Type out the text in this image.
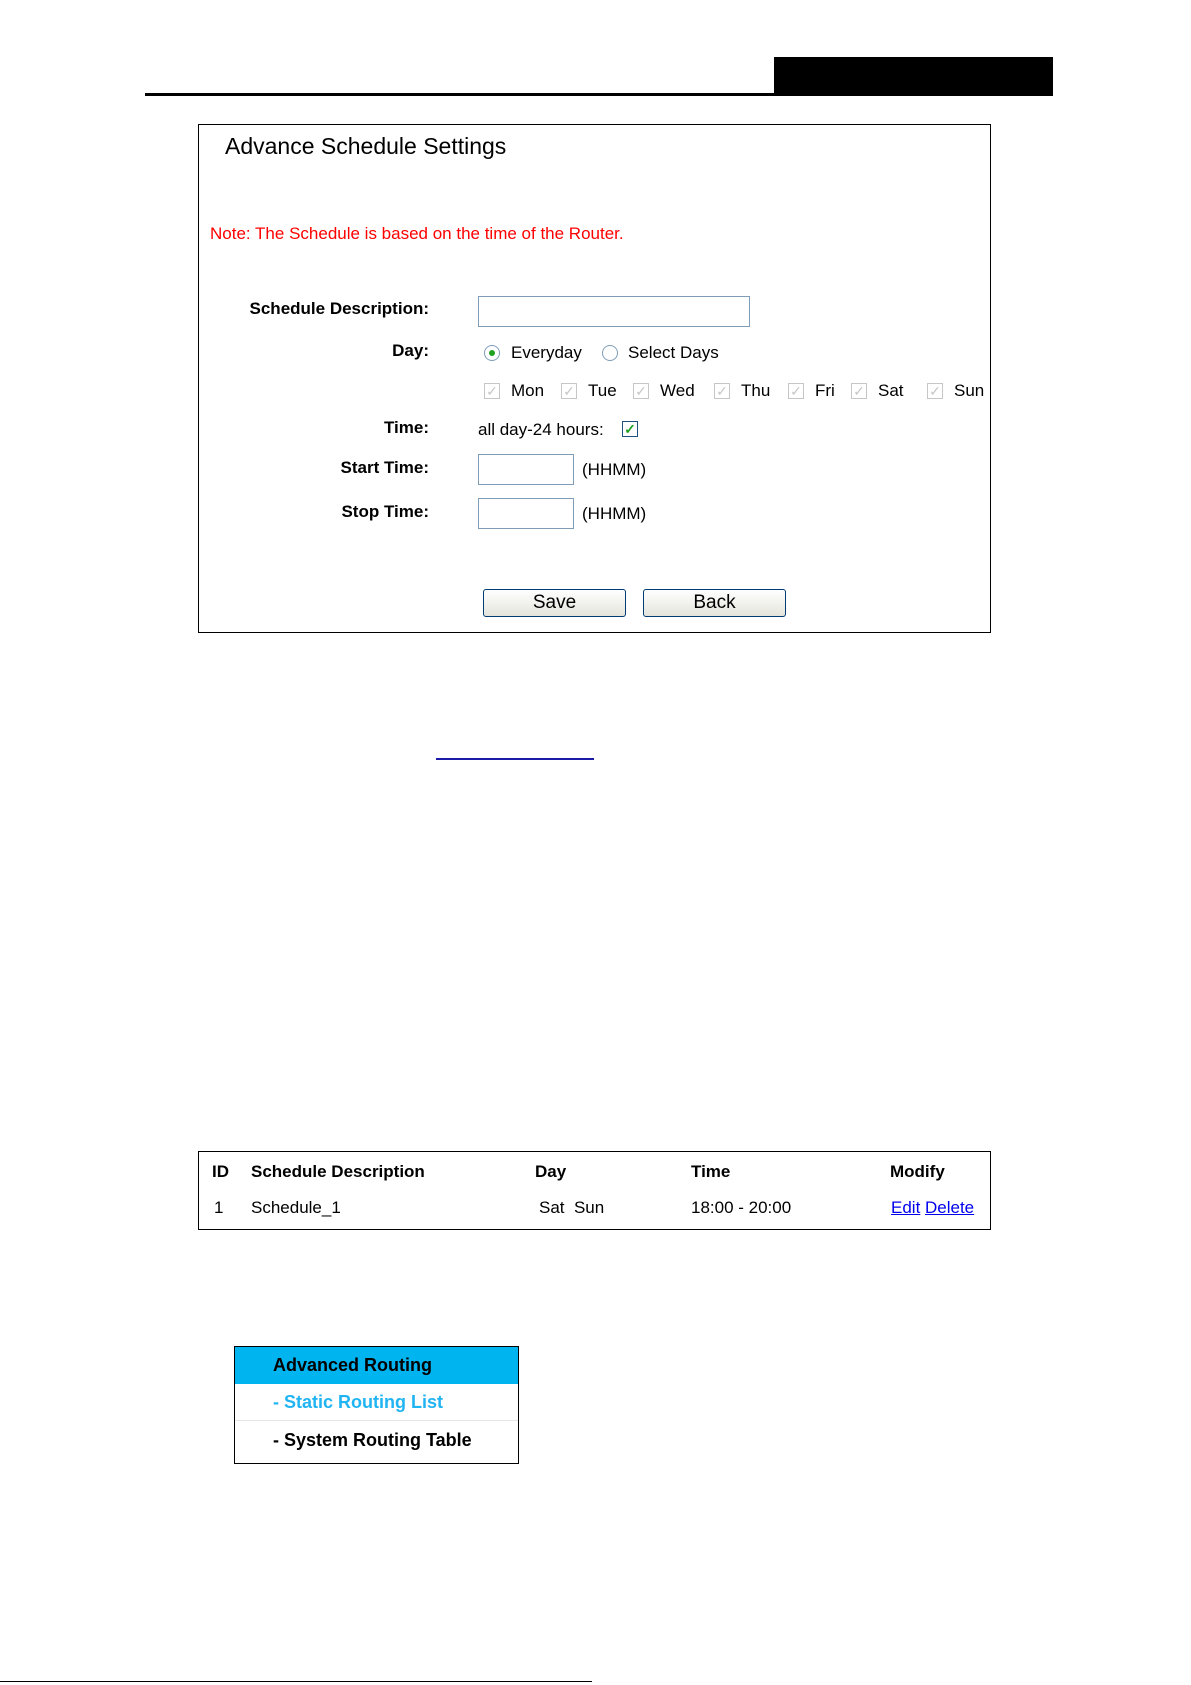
Advance Schedule Settings
Note: The Schedule is based on the time of the Router.
Schedule Description:
Day:	Everyday	Select Days
✓ Mon ✓ Tue ✓ Wed ✓ Thu ✓ Fri ✓ Sat ✓ Sun
Time:	all day-24 hours: ✓
Start Time:	(HHMM)
Stop Time:	(HHMM)
Save	Back
ID Schedule Description	Day	Time	Modify
1 Schedule_1	Sat  Sun	18:00 - 20:00	Edit Delete
Advanced Routing
- Static Routing List
- System Routing Table
